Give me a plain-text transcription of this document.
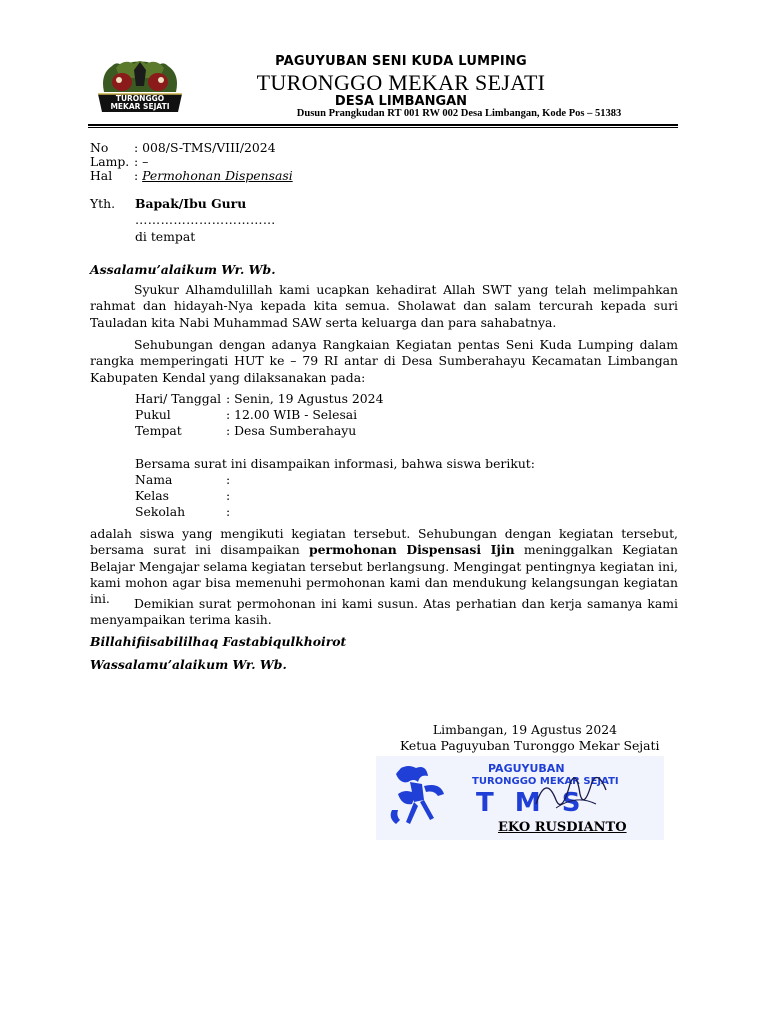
TURONGGO MEKAR SEJATI
PAGUYUBAN SENI KUDA LUMPING
TURONGGO MEKAR SEJATI
DESA LIMBANGAN
Dusun Prangkudan RT 001 RW 002 Desa Limbangan, Kode Pos – 51383
No : 008/S-TMS/VIII/2024
Lamp. : –
Hal : Permohonan Dispensasi
Yth. Bapak/Ibu Guru
……………………………
di tempat
Assalamu’alaikum Wr. Wb.
Syukur Alhamdulillah kami ucapkan kehadirat Allah SWT yang telah melimpahkan rahmat dan hidayah-Nya kepada kita semua. Sholawat dan salam tercurah kepada suri Tauladan kita Nabi Muhammad SAW serta keluarga dan para sahabatnya.
Sehubungan dengan adanya Rangkaian Kegiatan pentas Seni Kuda Lumping dalam rangka memperingati HUT ke – 79 RI antar di Desa Sumberahayu Kecamatan Limbangan Kabupaten Kendal yang dilaksanakan pada:
Hari/ Tanggal : Senin, 19 Agustus 2024
Pukul	: 12.00 WIB - Selesai
Tempat	: Desa Sumberahayu
Bersama surat ini disampaikan informasi, bahwa siswa berikut:
Nama	:
Kelas	:
Sekolah	:
adalah siswa yang mengikuti kegiatan tersebut. Sehubungan dengan kegiatan tersebut, bersama surat ini disampaikan permohonan Dispensasi Ijin meninggalkan Kegiatan Belajar Mengajar selama kegiatan tersebut berlangsung. Mengingat pentingnya kegiatan ini, kami mohon agar bisa memenuhi permohonan kami dan mendukung kelangsungan kegiatan ini.	Demikian surat permohonan ini kami susun. Atas perhatian dan kerja samanya kami menyampaikan terima kasih.
Billahifiisabililhaq Fastabiqulkhoirot
Wassalamu’alaikum Wr. Wb.
Limbangan, 19 Agustus 2024
Ketua Paguyuban Turonggo Mekar Sejati
PAGUYUBAN
TURONGGO MEKAR SEJATI
T M S
EKO RUSDIANTO
